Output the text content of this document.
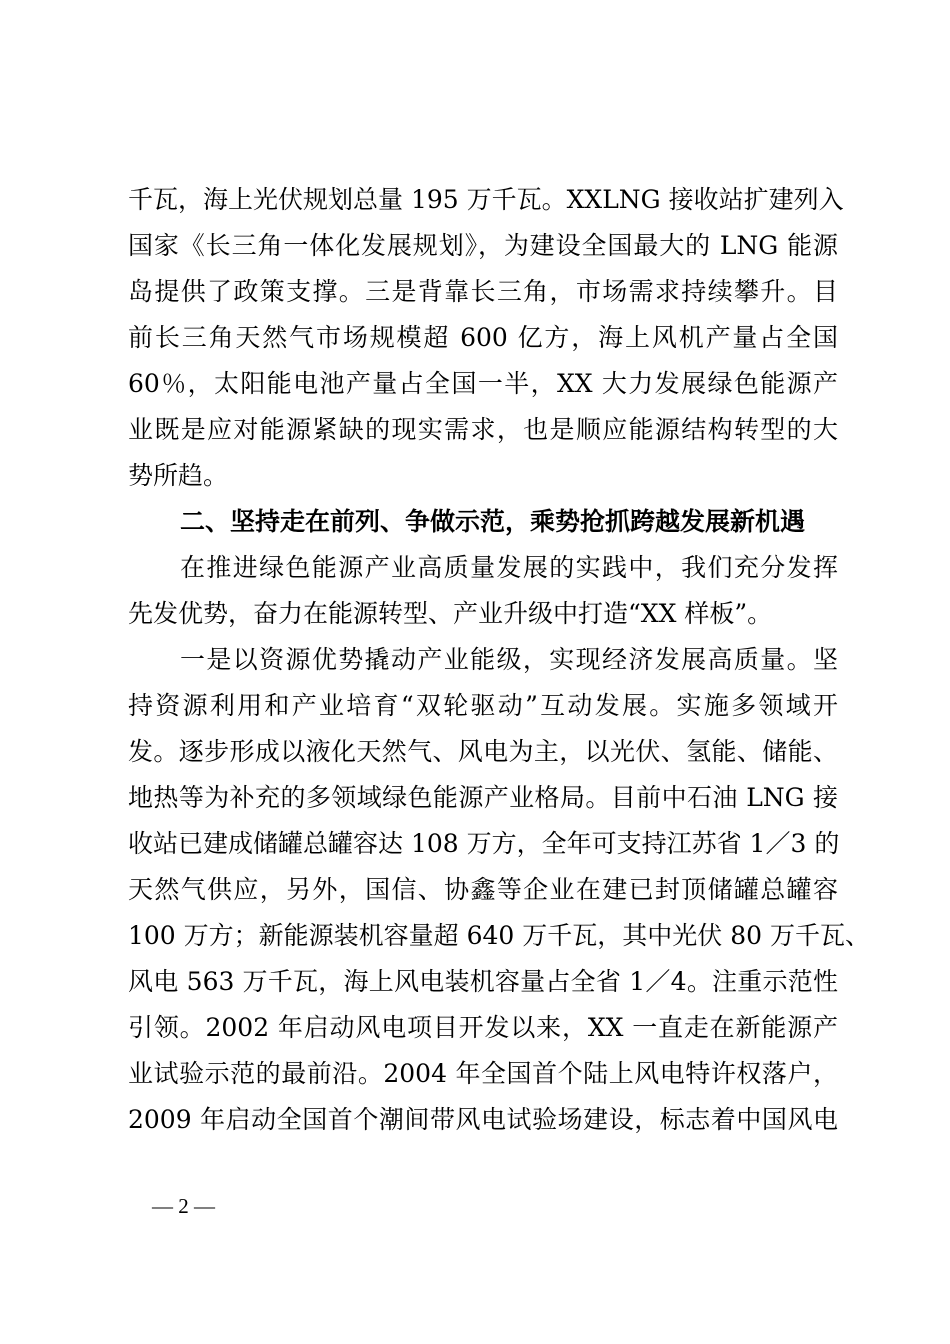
千瓦，海上光伏规划总量 195 万千瓦。XXLNG 接收站扩建列入
国家《长三角一体化发展规划》，为建设全国最大的 LNG 能源
岛提供了政策支撑。三是背靠长三角，市场需求持续攀升。目
前长三角天然气市场规模超 600 亿方，海上风机产量占全国
60％，太阳能电池产量占全国一半，XX 大力发展绿色能源产
业既是应对能源紧缺的现实需求，也是顺应能源结构转型的大
势所趋。
二、坚持走在前列、争做示范，乘势抢抓跨越发展新机遇
在推进绿色能源产业高质量发展的实践中，我们充分发挥
先发优势，奋力在能源转型、产业升级中打造“XX 样板”。
一是以资源优势撬动产业能级，实现经济发展高质量。坚
持资源利用和产业培育“双轮驱动”互动发展。实施多领域开
发。逐步形成以液化天然气、风电为主，以光伏、氢能、储能、
地热等为补充的多领域绿色能源产业格局。目前中石油 LNG 接
收站已建成储罐总罐容达 108 万方，全年可支持江苏省 1／3 的
天然气供应，另外，国信、协鑫等企业在建已封顶储罐总罐容
100 万方；新能源装机容量超 640 万千瓦，其中光伏 80 万千瓦、
风电 563 万千瓦，海上风电装机容量占全省 1／4。注重示范性
引领。2002 年启动风电项目开发以来，XX 一直走在新能源产
业试验示范的最前沿。2004 年全国首个陆上风电特许权落户，
2009 年启动全国首个潮间带风电试验场建设，标志着中国风电
— 2 —
